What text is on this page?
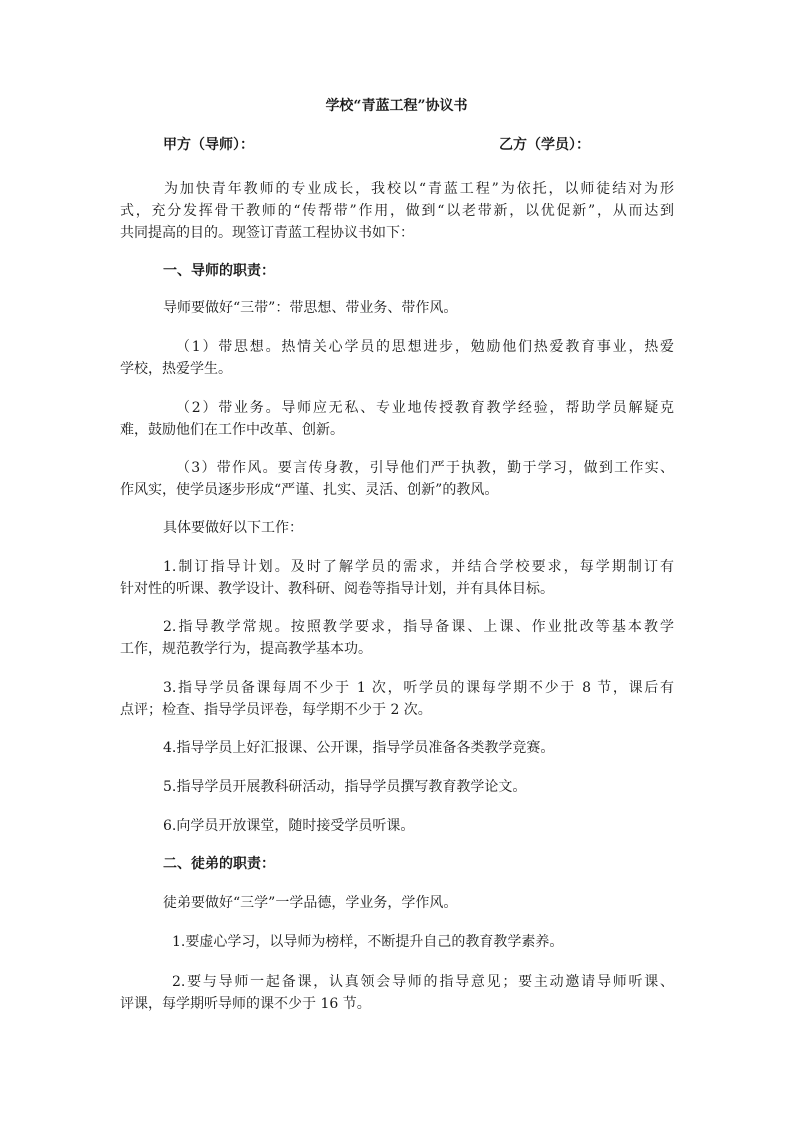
学校“青蓝工程”协议书
甲方（导师）：	乙方（学员）：
为加快青年教师的专业成长，我校以“青蓝工程”为依托，以师徒结对为形
式，充分发挥骨干教师的“传帮带”作用，做到“以老带新，以优促新”，从而达到
共同提高的目的。现签订青蓝工程协议书如下：
一、导师的职责：
导师要做好“三带”：带思想、带业务、带作风。
（1）带思想。热情关心学员的思想进步，勉励他们热爱教育事业，热爱
学校，热爱学生。
（2）带业务。导师应无私、专业地传授教育教学经验，帮助学员解疑克
难，鼓励他们在工作中改革、创新。
（3）带作风。要言传身教，引导他们严于执教，勤于学习，做到工作实、
作风实，使学员逐步形成“严谨、扎实、灵活、创新”的教风。
具体要做好以下工作：
1.制订指导计划。及时了解学员的需求，并结合学校要求，每学期制订有
针对性的听课、教学设计、教科研、阅卷等指导计划，并有具体目标。
2.指导教学常规。按照教学要求，指导备课、上课、作业批改等基本教学
工作，规范教学行为，提高教学基本功。
3.指导学员备课每周不少于 1 次，听学员的课每学期不少于 8 节，课后有
点评；检查、指导学员评卷，每学期不少于 2 次。
4.指导学员上好汇报课、公开课，指导学员准备各类教学竞赛。
5.指导学员开展教科研活动，指导学员撰写教育教学论文。
6.向学员开放课堂，随时接受学员听课。
二、徒弟的职责：
徒弟要做好“三学”一学品德，学业务，学作风。
1.要虚心学习，以导师为榜样，不断提升自己的教育教学素养。
2.要与导师一起备课，认真领会导师的指导意见；要主动邀请导师听课、
评课，每学期听导师的课不少于 16 节。
